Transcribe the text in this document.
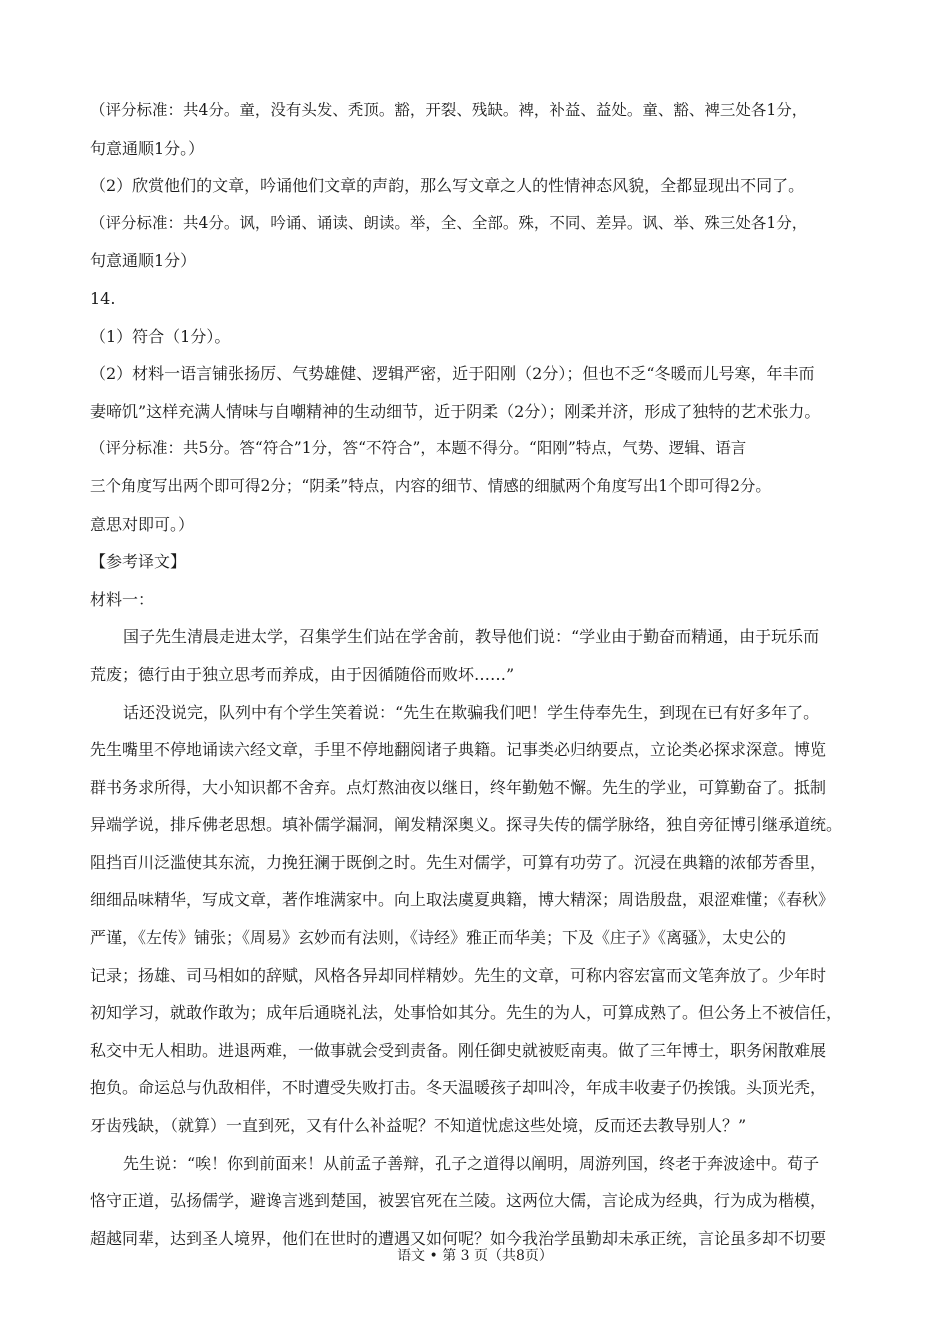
（评分标准：共4分。童，没有头发、秃顶。豁，开裂、残缺。裨，补益、益处。童、豁、裨三处各1分，
句意通顺1分。）
（2）欣赏他们的文章，吟诵他们文章的声韵，那么写文章之人的性情神态风貌，全都显现出不同了。
（评分标准：共4分。讽，吟诵、诵读、朗读。举，全、全部。殊，不同、差异。讽、举、殊三处各1分，
句意通顺1分）
14.
（1）符合（1分）。
（2）材料一语言铺张扬厉、气势雄健、逻辑严密，近于阳刚（2分）；但也不乏“冬暖而儿号寒，年丰而
妻啼饥”这样充满人情味与自嘲精神的生动细节，近于阴柔（2分）；刚柔并济，形成了独特的艺术张力。
（评分标准：共5分。答“符合”1分，答“不符合”，本题不得分。“阳刚”特点，气势、逻辑、语言
三个角度写出两个即可得2分；“阴柔”特点，内容的细节、情感的细腻两个角度写出1个即可得2分。
意思对即可。）
【参考译文】
材料一：
国子先生清晨走进太学，召集学生们站在学舍前，教导他们说：“学业由于勤奋而精通，由于玩乐而
荒废；德行由于独立思考而养成，由于因循随俗而败坏……”
话还没说完，队列中有个学生笑着说：“先生在欺骗我们吧！学生侍奉先生，到现在已有好多年了。
先生嘴里不停地诵读六经文章，手里不停地翻阅诸子典籍。记事类必归纳要点，立论类必探求深意。博览
群书务求所得，大小知识都不舍弃。点灯熬油夜以继日，终年勤勉不懈。先生的学业，可算勤奋了。抵制
异端学说，排斥佛老思想。填补儒学漏洞，阐发精深奥义。探寻失传的儒学脉络，独自旁征博引继承道统。
阻挡百川泛滥使其东流，力挽狂澜于既倒之时。先生对儒学，可算有功劳了。沉浸在典籍的浓郁芳香里，
细细品味精华，写成文章，著作堆满家中。向上取法虞夏典籍，博大精深；周诰殷盘，艰涩难懂；《春秋》
严谨，《左传》铺张；《周易》玄妙而有法则，《诗经》雅正而华美；下及《庄子》《离骚》，太史公的
记录；扬雄、司马相如的辞赋，风格各异却同样精妙。先生的文章，可称内容宏富而文笔奔放了。少年时
初知学习，就敢作敢为；成年后通晓礼法，处事恰如其分。先生的为人，可算成熟了。但公务上不被信任，
私交中无人相助。进退两难，一做事就会受到责备。刚任御史就被贬南夷。做了三年博士，职务闲散难展
抱负。命运总与仇敌相伴，不时遭受失败打击。冬天温暖孩子却叫冷，年成丰收妻子仍挨饿。头顶光秃，
牙齿残缺，（就算）一直到死，又有什么补益呢？不知道忧虑这些处境，反而还去教导别人？”
先生说：“唉！你到前面来！从前孟子善辩，孔子之道得以阐明，周游列国，终老于奔波途中。荀子
恪守正道，弘扬儒学，避谗言逃到楚国，被罢官死在兰陵。这两位大儒，言论成为经典，行为成为楷模，
超越同辈，达到圣人境界，他们在世时的遭遇又如何呢？如今我治学虽勤却未承正统，言论虽多却不切要
语文 • 第 3 页（共8页）
